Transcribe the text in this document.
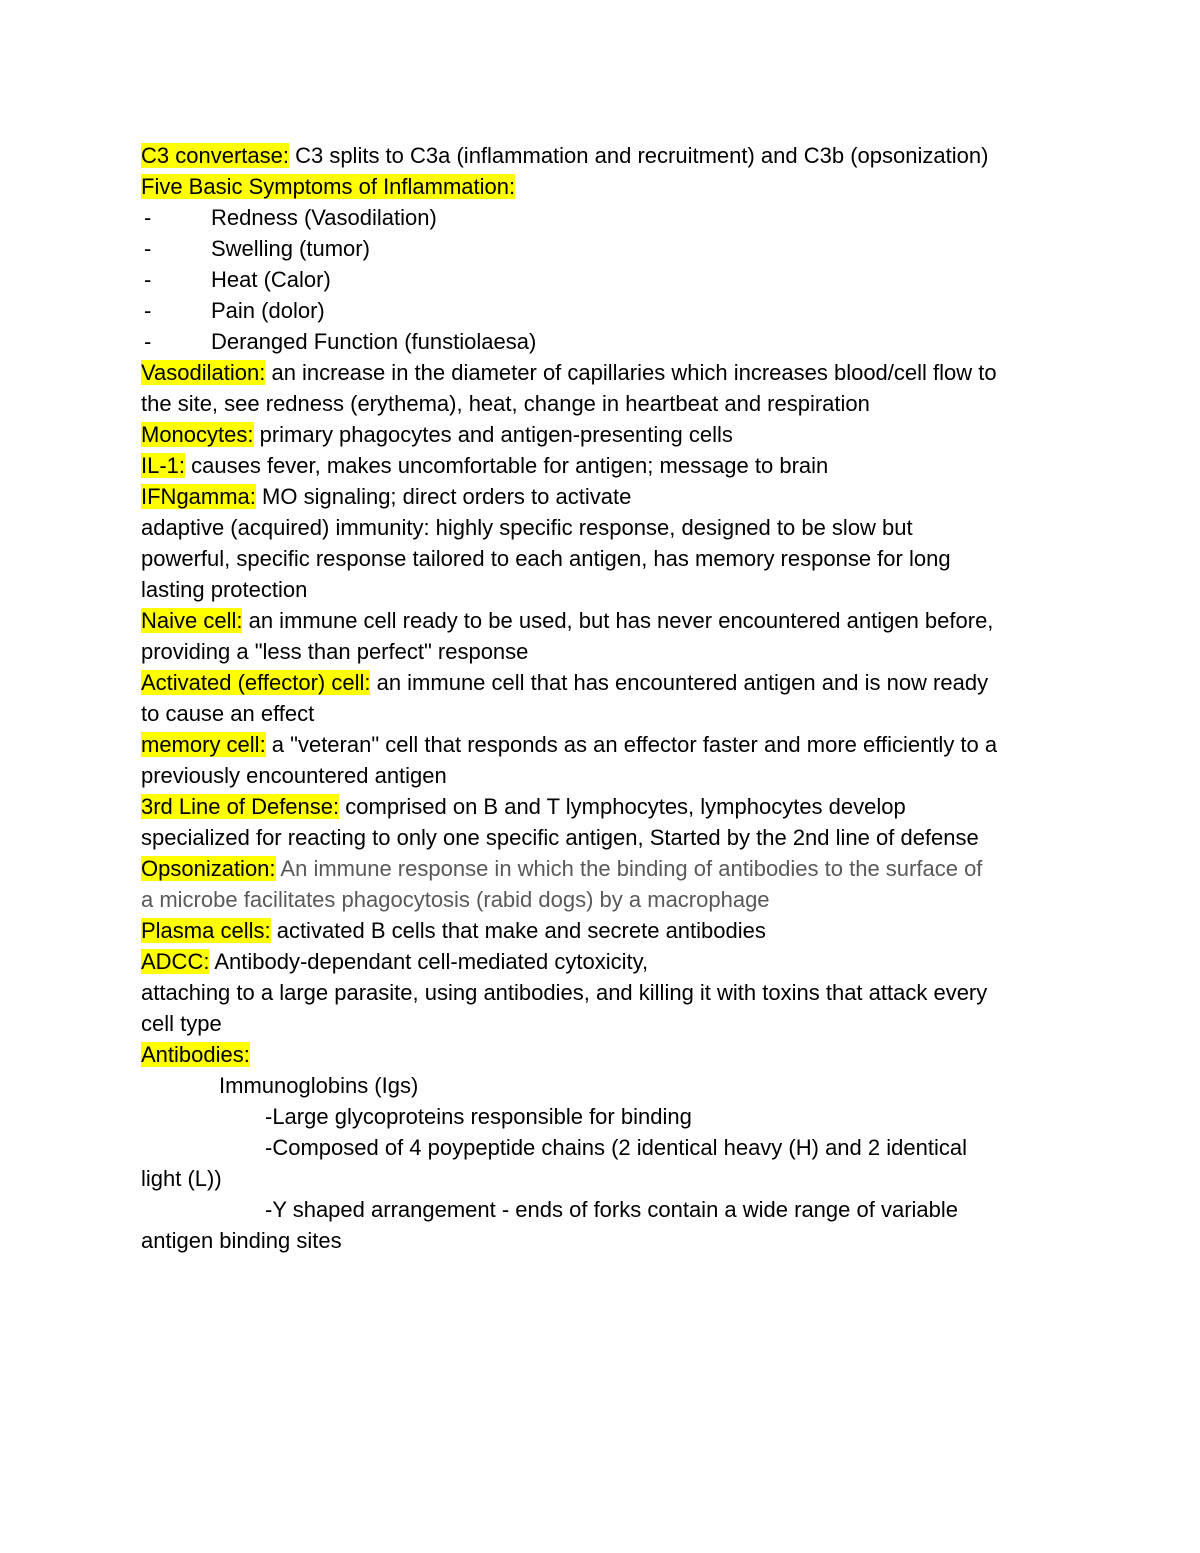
C3 convertase: C3 splits to C3a (inflammation and recruitment) and C3b (opsonization)
Five Basic Symptoms of Inflammation:
-	Redness (Vasodilation)
-	Swelling (tumor)
-	Heat (Calor)
-	Pain (dolor)
-	Deranged Function (funstiolaesa)
Vasodilation: an increase in the diameter of capillaries which increases blood/cell flow to
the site, see redness (erythema), heat, change in heartbeat and respiration
Monocytes: primary phagocytes and antigen-presenting cells
IL-1: causes fever, makes uncomfortable for antigen; message to brain
IFNgamma: MO signaling; direct orders to activate
adaptive (acquired) immunity: highly specific response, designed to be slow but
powerful, specific response tailored to each antigen, has memory response for long
lasting protection
Naive cell: an immune cell ready to be used, but has never encountered antigen before,
providing a "less than perfect" response
Activated (effector) cell: an immune cell that has encountered antigen and is now ready
to cause an effect
memory cell: a "veteran" cell that responds as an effector faster and more efficiently to a
previously encountered antigen
3rd Line of Defense: comprised on B and T lymphocytes, lymphocytes develop
specialized for reacting to only one specific antigen, Started by the 2nd line of defense
Opsonization: An immune response in which the binding of antibodies to the surface of
a microbe facilitates phagocytosis (rabid dogs) by a macrophage
Plasma cells: activated B cells that make and secrete antibodies
ADCC: Antibody-dependant cell-mediated cytoxicity,
attaching to a large parasite, using antibodies, and killing it with toxins that attack every
cell type
Antibodies:
Immunoglobins (Igs)
-Large glycoproteins responsible for binding
-Composed of 4 poypeptide chains (2 identical heavy (H) and 2 identical
light (L))
-Y shaped arrangement - ends of forks contain a wide range of variable
antigen binding sites
